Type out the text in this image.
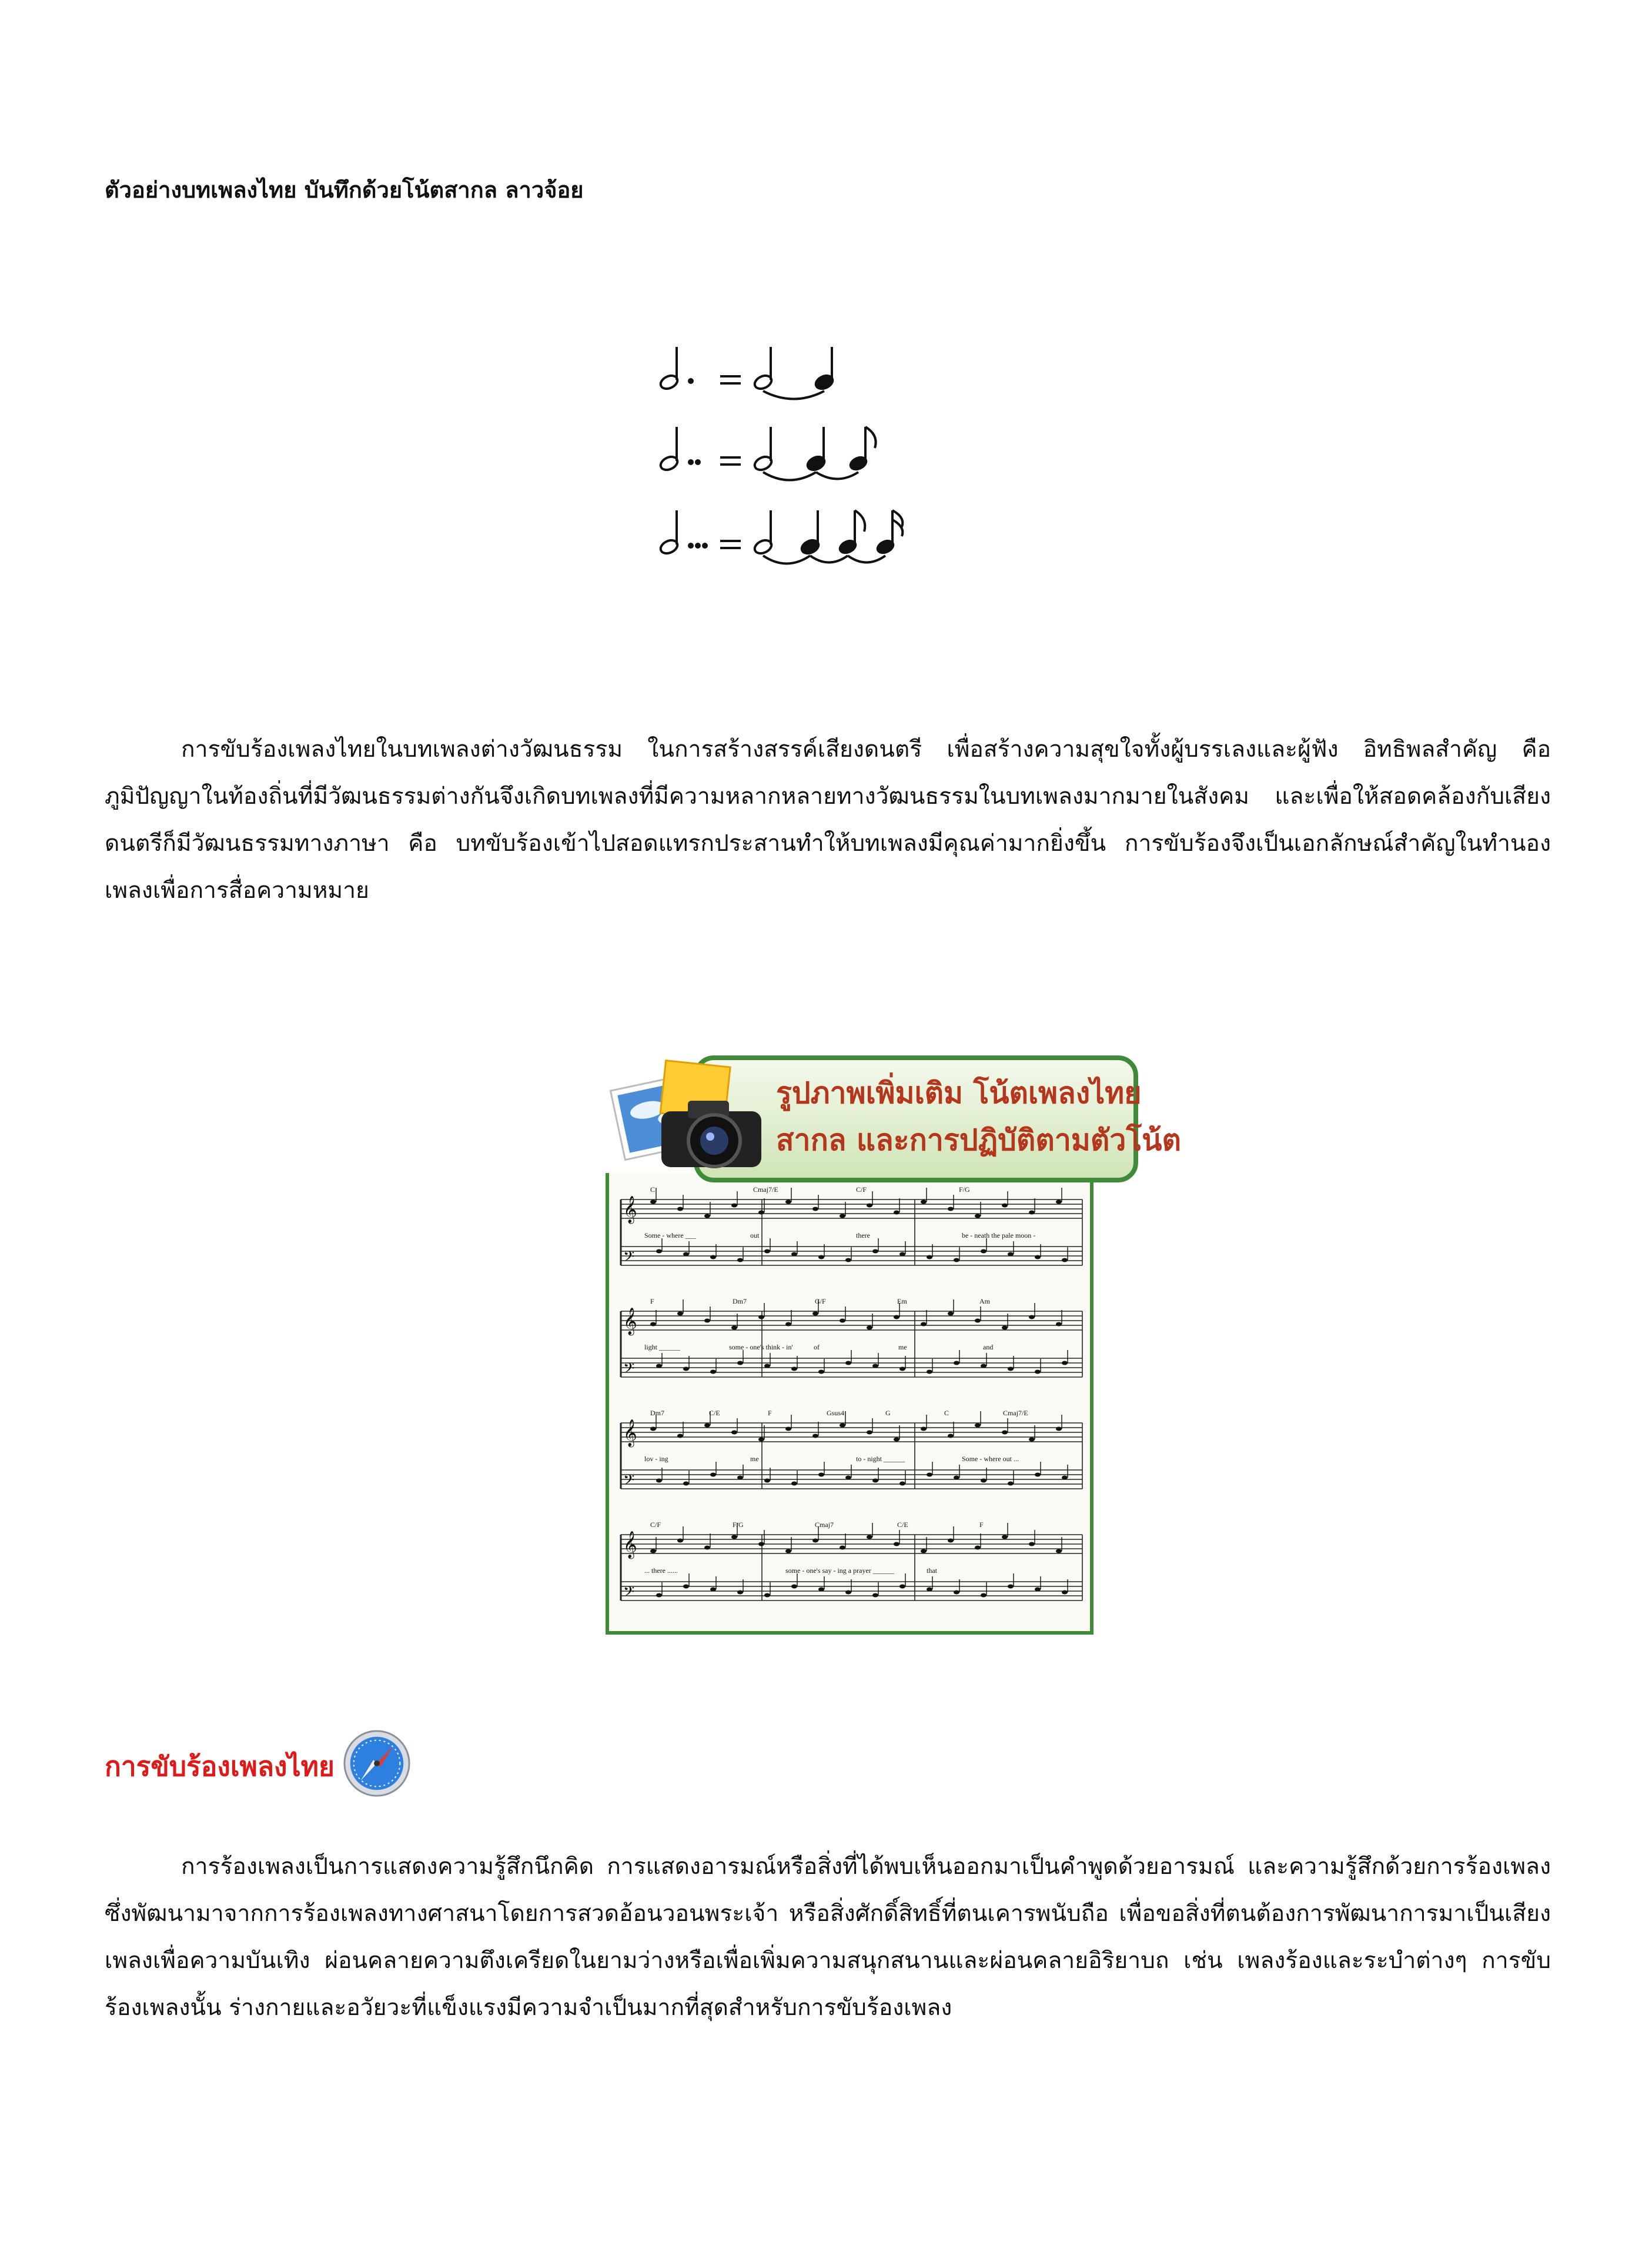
ตัวอย่างบทเพลงไทย บันทึกด้วยโน้ตสากล ลาวจ้อย
การขับร้องเพลงไทยในบทเพลงต่างวัฒนธรรม ในการสร้างสรรค์เสียงดนตรี เพื่อสร้างความสุขใจทั้งผู้บรรเลงและผู้ฟัง อิทธิพลสำคัญ คือ ภูมิปัญญาในท้องถิ่นที่มีวัฒนธรรมต่างกันจึงเกิดบทเพลงที่มีความหลากหลายทางวัฒนธรรมในบทเพลงมากมายในสังคม และเพื่อให้สอดคล้องกับเสียงดนตรีก็มีวัฒนธรรมทางภาษา คือ บทขับร้องเข้าไปสอดแทรกประสานทำให้บทเพลงมีคุณค่ามากยิ่งขึ้น การขับร้องจึงเป็นเอกลักษณ์สำคัญในทำนองเพลงเพื่อการสื่อความหมาย
𝄞
𝄢
C	Cmaj7/E	C/F	F/G
Some - where ___	out	there	be - neath the pale moon -
𝄞
𝄢
F	Dm7	G/F	Em	Am
light ______	some - one's think - in'	of	me	and
𝄞
𝄢
Dm7	C/E	F	Gsus4	G	C	Cmaj7/E
lov - ing	me	to - night ______	Some - where out ...
𝄞
𝄢
C/F	F/G	Cmaj7	C/E	F
... there ......	some - one's say - ing a prayer ______	that
รูปภาพเพิ่มเติม โน้ตเพลงไทย
สากล และการปฏิบัติตามตัวโน้ต
การขับร้องเพลงไทย
การร้องเพลงเป็นการแสดงความรู้สึกนึกคิด การแสดงอารมณ์หรือสิ่งที่ได้พบเห็นออกมาเป็นคำพูดด้วยอารมณ์ และความรู้สึกด้วยการร้องเพลงซึ่งพัฒนามาจากการร้องเพลงทางศาสนาโดยการสวดอ้อนวอนพระเจ้า หรือสิ่งศักดิ์สิทธิ์ที่ตนเคารพนับถือ เพื่อขอสิ่งที่ตนต้องการพัฒนาการมาเป็นเสียงเพลงเพื่อความบันเทิง ผ่อนคลายความตึงเครียดในยามว่างหรือเพื่อเพิ่มความสนุกสนานและผ่อนคลายอิริยาบถ เช่น เพลงร้องและระบำต่างๆ การขับร้องเพลงนั้น ร่างกายและอวัยวะที่แข็งแรงมีความจำเป็นมากที่สุดสำหรับการขับร้องเพลง
